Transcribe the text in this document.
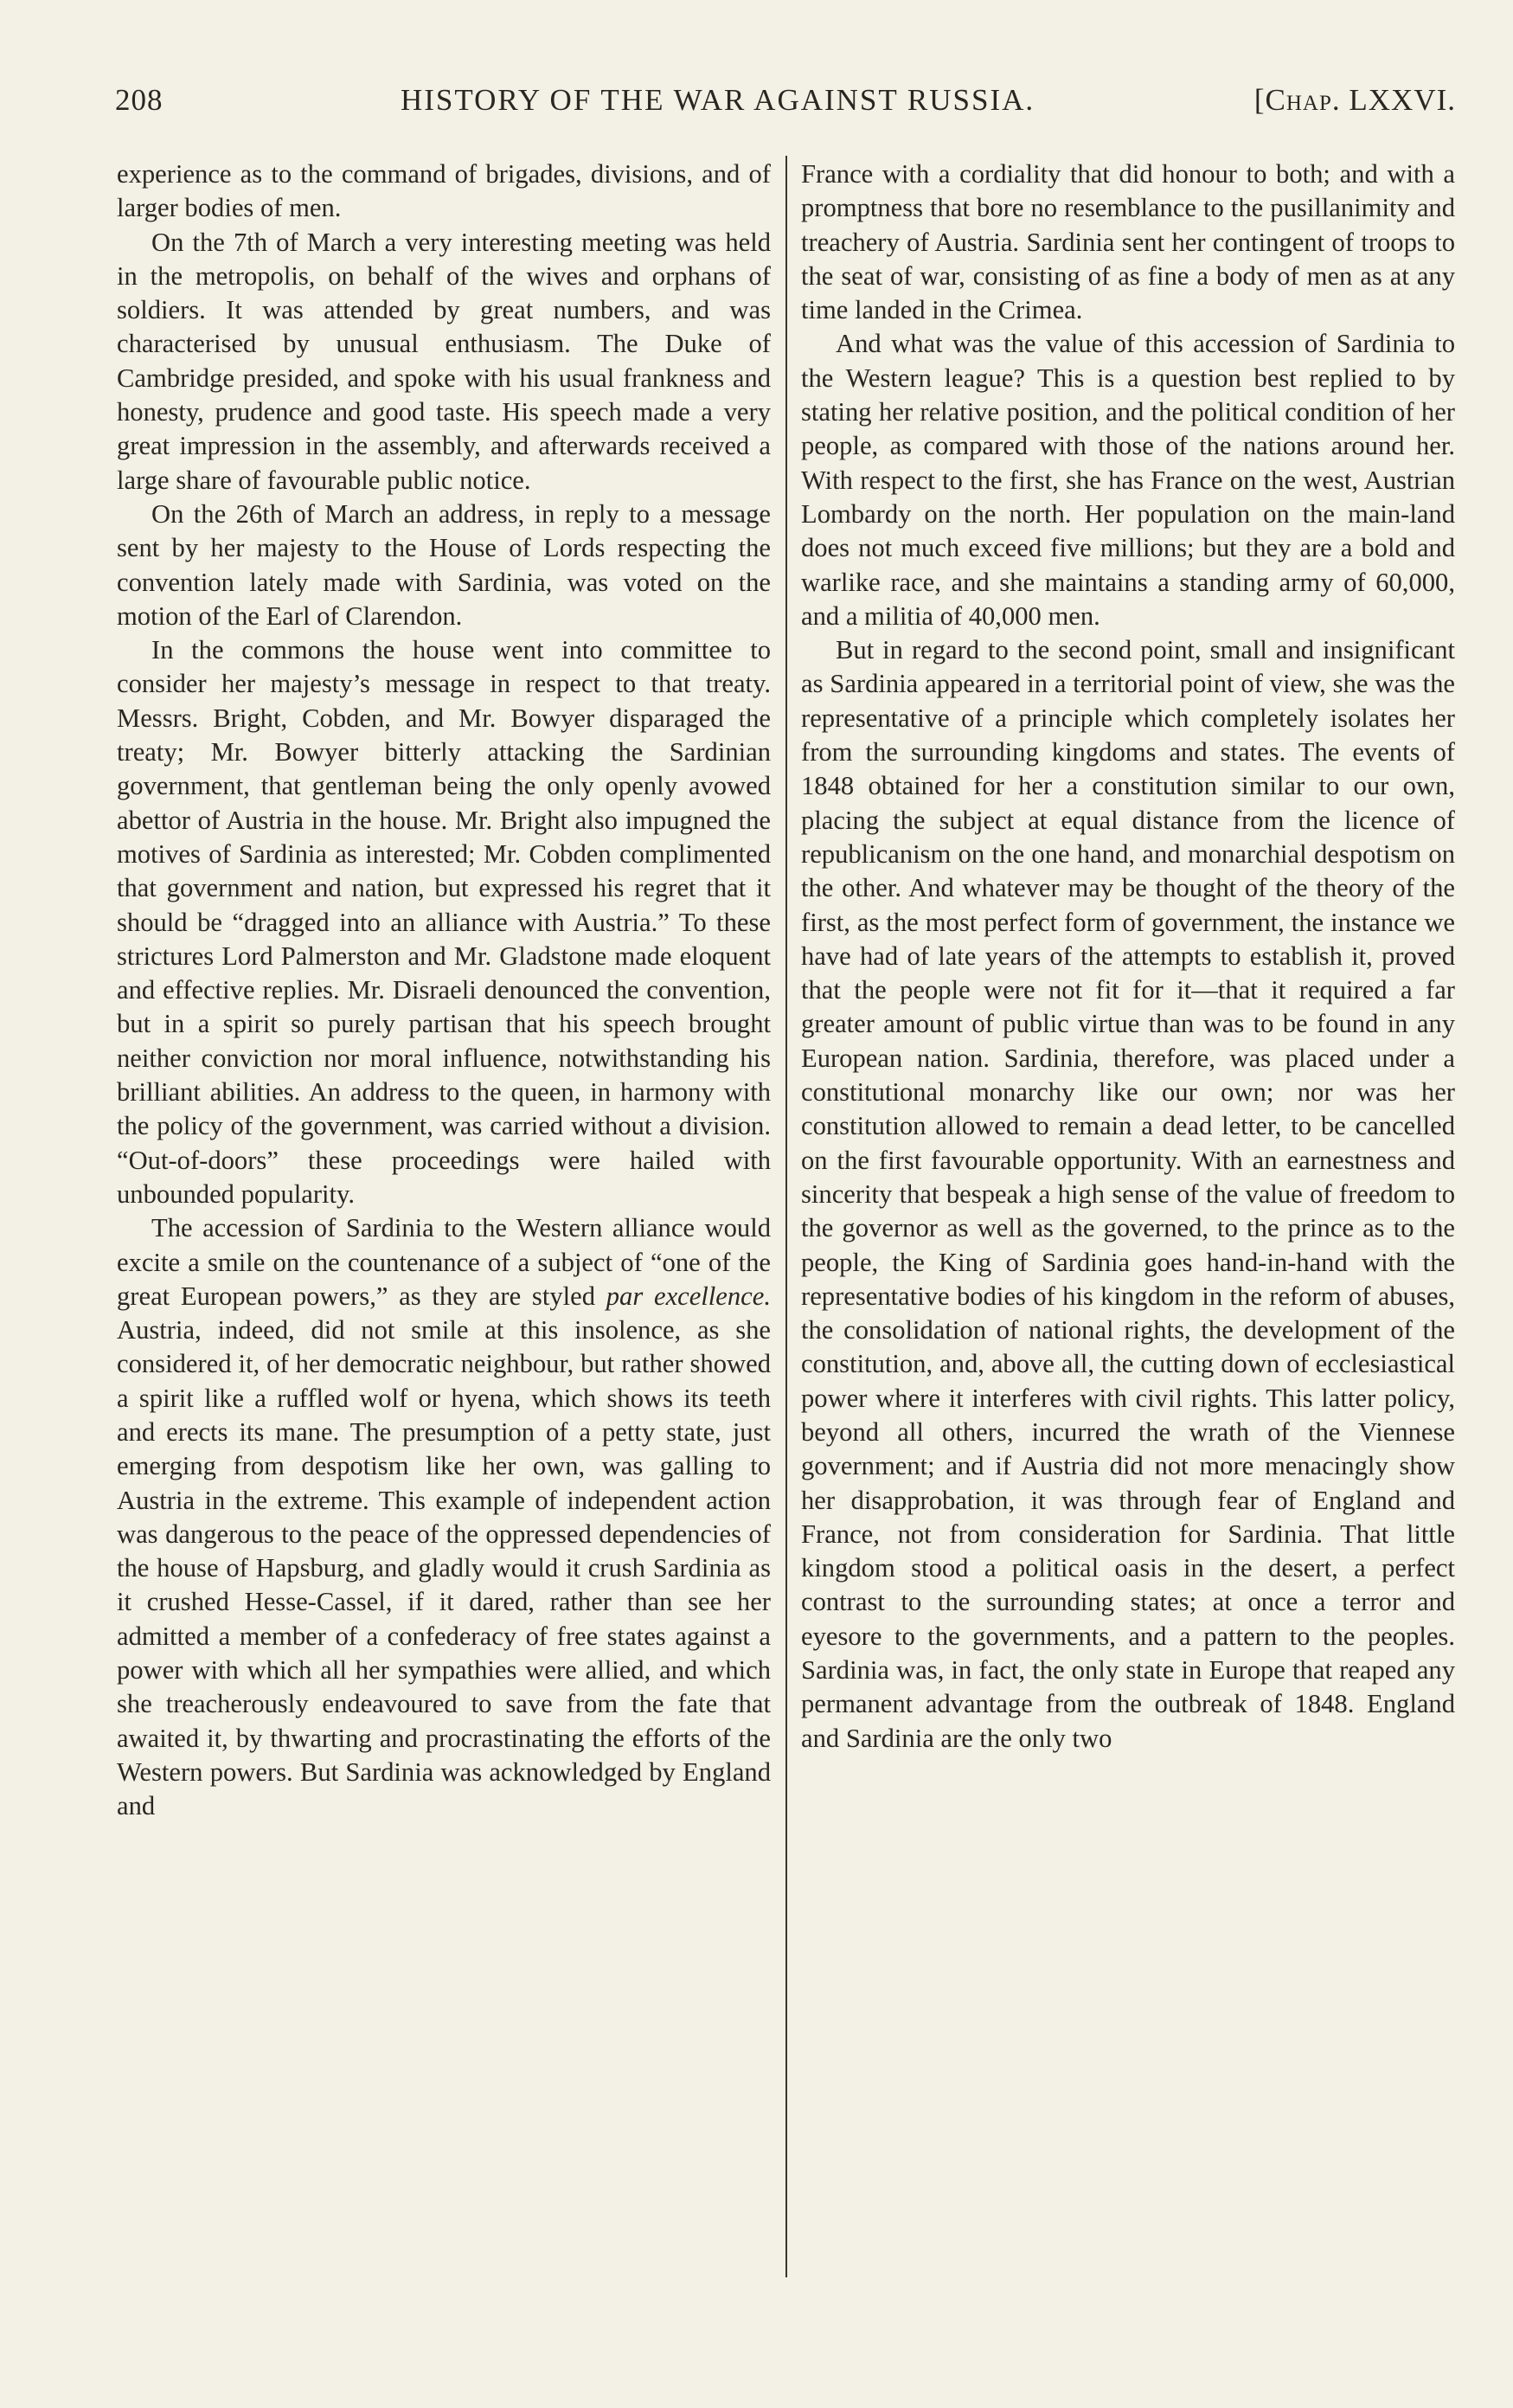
208	HISTORY OF THE WAR AGAINST RUSSIA.	[Chap. LXXVI.

experience as to the command of brigades, divisions, and of larger bodies of men.

On the 7th of March a very interesting meeting was held in the metropolis, on behalf of the wives and orphans of soldiers. It was attended by great numbers, and was characterised by unusual enthusiasm. The Duke of Cambridge presided, and spoke with his usual frankness and honesty, prudence and good taste. His speech made a very great impression in the assembly, and afterwards received a large share of favourable public notice.

On the 26th of March an address, in reply to a message sent by her majesty to the House of Lords respecting the convention lately made with Sardinia, was voted on the motion of the Earl of Clarendon.

In the commons the house went into committee to consider her majesty’s message in respect to that treaty. Messrs. Bright, Cobden, and Mr. Bowyer disparaged the treaty; Mr. Bowyer bitterly attacking the Sardinian government, that gentleman being the only openly avowed abettor of Austria in the house. Mr. Bright also impugned the motives of Sardinia as interested; Mr. Cobden complimented that government and nation, but expressed his regret that it should be “dragged into an alliance with Austria.” To these strictures Lord Palmerston and Mr. Gladstone made eloquent and effective replies. Mr. Disraeli denounced the convention, but in a spirit so purely partisan that his speech brought neither conviction nor moral influence, notwithstanding his brilliant abilities. An address to the queen, in harmony with the policy of the government, was carried without a division. “Out-of-doors” these proceedings were hailed with unbounded popularity.

The accession of Sardinia to the Western alliance would excite a smile on the countenance of a subject of “one of the great European powers,” as they are styled par excellence. Austria, indeed, did not smile at this insolence, as she considered it, of her democratic neighbour, but rather showed a spirit like a ruffled wolf or hyena, which shows its teeth and erects its mane. The presumption of a petty state, just emerging from despotism like her own, was galling to Austria in the extreme. This example of independent action was dangerous to the peace of the oppressed dependencies of the house of Hapsburg, and gladly would it crush Sardinia as it crushed Hesse-Cassel, if it dared, rather than see her admitted a member of a confederacy of free states against a power with which all her sympathies were allied, and which she treacherously endeavoured to save from the fate that awaited it, by thwarting and procrastinating the efforts of the Western powers. But Sardinia was acknowledged by England and

France with a cordiality that did honour to both; and with a promptness that bore no resemblance to the pusillanimity and treachery of Austria. Sardinia sent her contingent of troops to the seat of war, consisting of as fine a body of men as at any time landed in the Crimea.

And what was the value of this accession of Sardinia to the Western league? This is a question best replied to by stating her relative position, and the political condition of her people, as compared with those of the nations around her. With respect to the first, she has France on the west, Austrian Lombardy on the north. Her population on the main-land does not much exceed five millions; but they are a bold and warlike race, and she maintains a standing army of 60,000, and a militia of 40,000 men.

But in regard to the second point, small and insignificant as Sardinia appeared in a territorial point of view, she was the representative of a principle which completely isolates her from the surrounding kingdoms and states. The events of 1848 obtained for her a constitution similar to our own, placing the subject at equal distance from the licence of republicanism on the one hand, and monarchial despotism on the other. And whatever may be thought of the theory of the first, as the most perfect form of government, the instance we have had of late years of the attempts to establish it, proved that the people were not fit for it—that it required a far greater amount of public virtue than was to be found in any European nation. Sardinia, therefore, was placed under a constitutional monarchy like our own; nor was her constitution allowed to remain a dead letter, to be cancelled on the first favourable opportunity. With an earnestness and sincerity that bespeak a high sense of the value of freedom to the governor as well as the governed, to the prince as to the people, the King of Sardinia goes hand-in-hand with the representative bodies of his kingdom in the reform of abuses, the consolidation of national rights, the development of the constitution, and, above all, the cutting down of ecclesiastical power where it interferes with civil rights. This latter policy, beyond all others, incurred the wrath of the Viennese government; and if Austria did not more menacingly show her disapprobation, it was through fear of England and France, not from consideration for Sardinia. That little kingdom stood a political oasis in the desert, a perfect contrast to the surrounding states; at once a terror and eyesore to the governments, and a pattern to the peoples. Sardinia was, in fact, the only state in Europe that reaped any permanent advantage from the outbreak of 1848. England and Sardinia are the only two
